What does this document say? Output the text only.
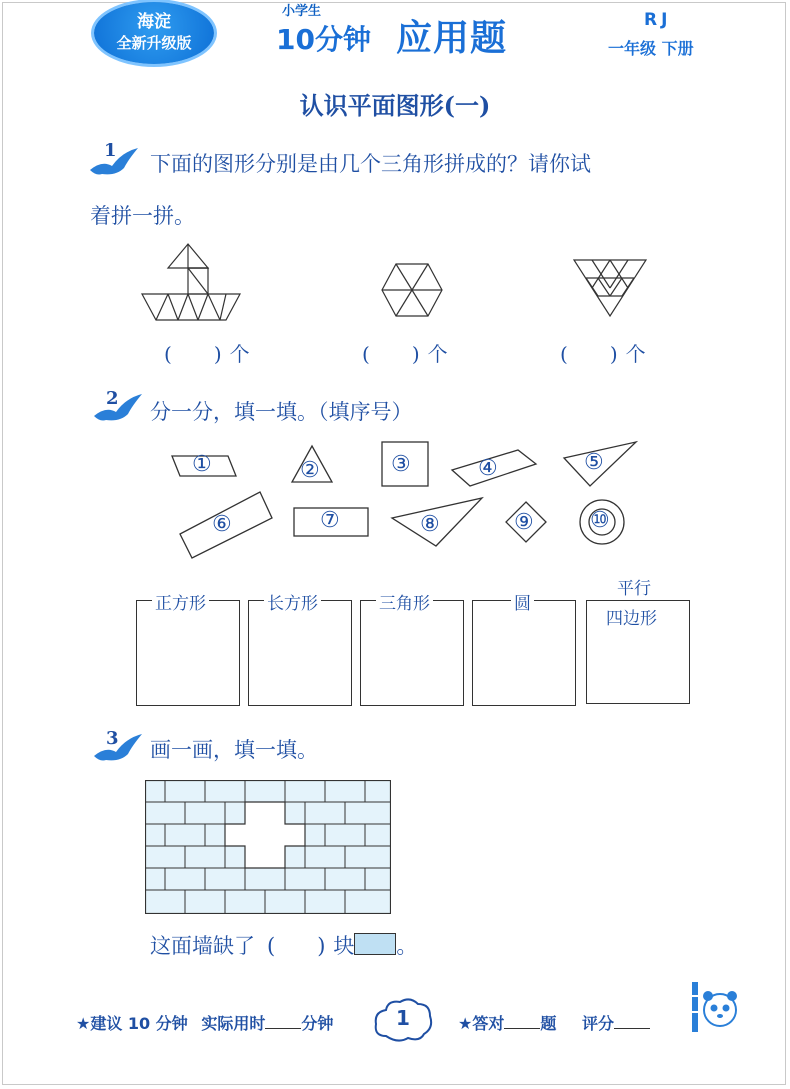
海淀
全新升级版
小学生
10分钟 应用题	RJ
一年级 下册
认识平面图形(一)
1
下面的图形分别是由几个三角形拼成的？请你试
着拼一拼。
( ) 个	( ) 个	( ) 个
2
分一分，填一填。（填序号）
①	②	③	④	⑤
⑥	⑦	⑧	⑨	⑩
正方形	长方形	三角形	圆
平行
四边形
3 画一画，填一填。
这面墙缺了 ( ) 块 。
★建议 10 分钟 实际用时 分钟	1	★答对 题 评分
